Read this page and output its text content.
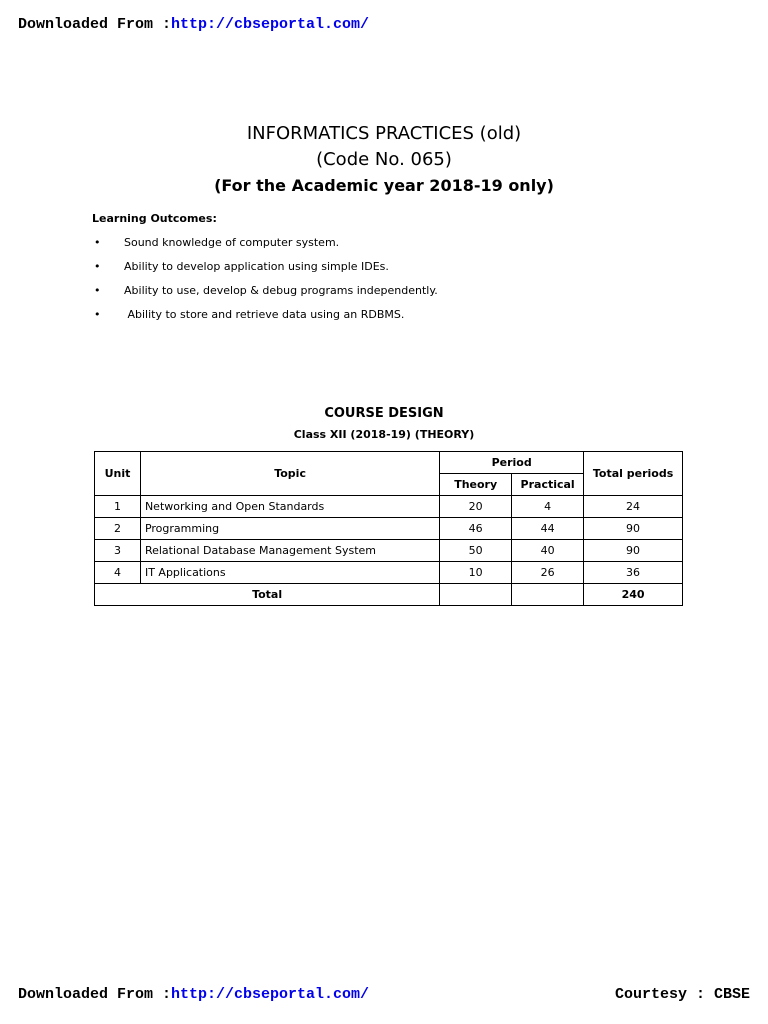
Downloaded From :http://cbseportal.com/
INFORMATICS PRACTICES (old)
(Code No. 065)
(For the Academic year 2018-19 only)
Learning Outcomes:
• Sound knowledge of computer system.
• Ability to develop application using simple IDEs.
• Ability to use, develop & debug programs independently.
• Ability to store and retrieve data using an RDBMS.
COURSE DESIGN
Class XII (2018-19) (THEORY)
Unit	Topic	Period		Total periods
		Theory	Practical	
1	Networking and Open Standards	20	4	24
2	Programming	46	44	90
3	Relational Database Management System	50	40	90
4	IT Applications	10	26	36
Total				240
Downloaded From :http://cbseportal.com/	Courtesy : CBSE
